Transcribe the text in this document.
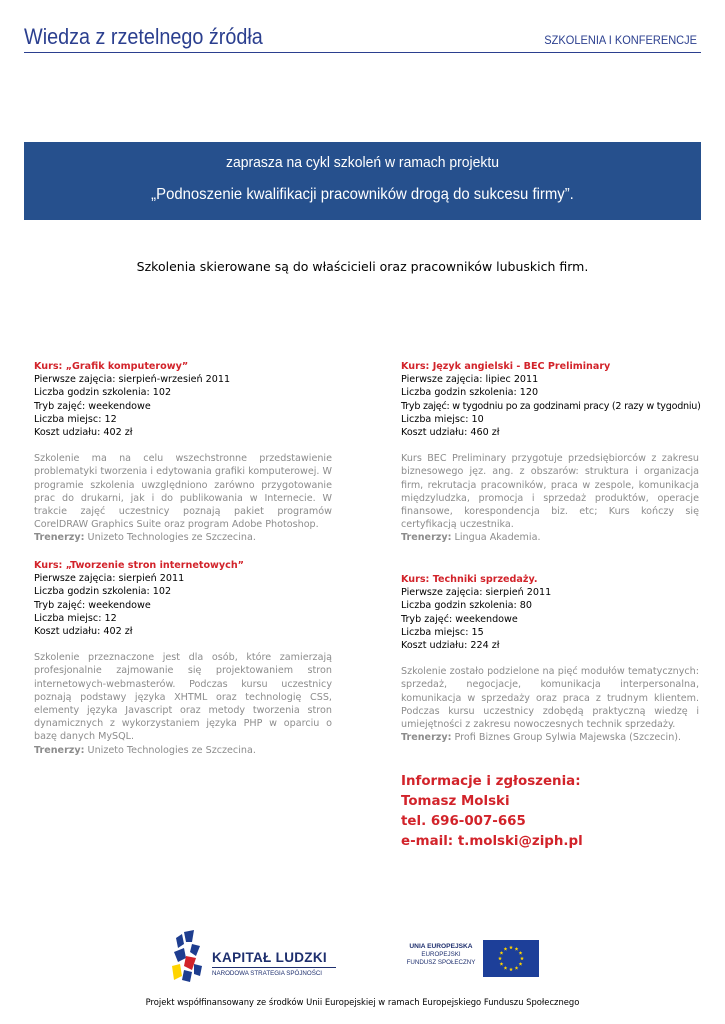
Wiedza z rzetelnego źródła	SZKOLENIA I KONFERENCJE
zaprasza na cykl szkoleń w ramach projektu
„Podnoszenie kwalifikacji pracowników drogą do sukcesu firmy”.
Szkolenia skierowane są do właścicieli oraz pracowników lubuskich firm.
Kurs: „Grafik komputerowy”
Pierwsze zajęcia: sierpień-wrzesień 2011
Liczba godzin szkolenia: 102
Tryb zajęć: weekendowe
Liczba miejsc: 12
Koszt udziału: 402 zł
Szkolenie ma na celu wszechstronne przedstawienie problematyki tworzenia i edytowania grafiki komputerowej. W programie szkolenia uwzględniono zarówno przygotowanie prac do drukarni, jak i do publikowania w Internecie. W trakcie zajęć uczestnicy poznają pakiet programów CorelDRAW Graphics Suite oraz program Adobe Photoshop.
Trenerzy: Unizeto Technologies ze Szczecina.
Kurs: „Tworzenie stron internetowych”
Pierwsze zajęcia: sierpień 2011
Liczba godzin szkolenia: 102
Tryb zajęć: weekendowe
Liczba miejsc: 12
Koszt udziału: 402 zł
Szkolenie przeznaczone jest dla osób, które zamierzają profesjonalnie zajmowanie się projektowaniem stron internetowych-webmasterów. Podczas kursu uczestnicy poznają podstawy języka XHTML oraz technologię CSS, elementy języka Javascript oraz metody tworzenia stron dynamicznych z wykorzystaniem języka PHP w oparciu o bazę danych MySQL.
Trenerzy: Unizeto Technologies ze Szczecina.
Kurs: Język angielski - BEC Preliminary
Pierwsze zajęcia: lipiec 2011
Liczba godzin szkolenia: 120
Tryb zajęć: w tygodniu po za godzinami pracy (2 razy w tygodniu)
Liczba miejsc: 10
Koszt udziału: 460 zł
Kurs BEC Preliminary przygotuje przedsiębiorców z zakresu biznesowego jęz. ang. z obszarów: struktura i organizacja firm, rekrutacja pracowników, praca w zespole, komunikacja międzyludzka, promocja i sprzedaż produktów, operacje finansowe, korespondencja biz. etc; Kurs kończy się certyfikacją uczestnika.
Trenerzy: Lingua Akademia.
Kurs: Techniki sprzedaży.
Pierwsze zajęcia: sierpień 2011
Liczba godzin szkolenia: 80
Tryb zajęć: weekendowe
Liczba miejsc: 15
Koszt udziału: 224 zł
Szkolenie zostało podzielone na pięć modułów tematycznych: sprzedaż, negocjacje, komunikacja interpersonalna, komunikacja w sprzedaży oraz praca z trudnym klientem. Podczas kursu uczestnicy zdobędą praktyczną wiedzę i umiejętności z zakresu nowoczesnych technik sprzedaży.
Trenerzy: Profi Biznes Group Sylwia Majewska (Szczecin).
Informacje i zgłoszenia:
Tomasz Molski
tel. 696-007-665
e-mail: t.molski@ziph.pl
KAPITAŁ LUDZKI
NARODOWA STRATEGIA SPÓJNOŚCI
UNIA EUROPEJSKA
EUROPEJSKI
FUNDUSZ SPOŁECZNY
Projekt współfinansowany ze środków Unii Europejskiej w ramach Europejskiego Funduszu Społecznego
